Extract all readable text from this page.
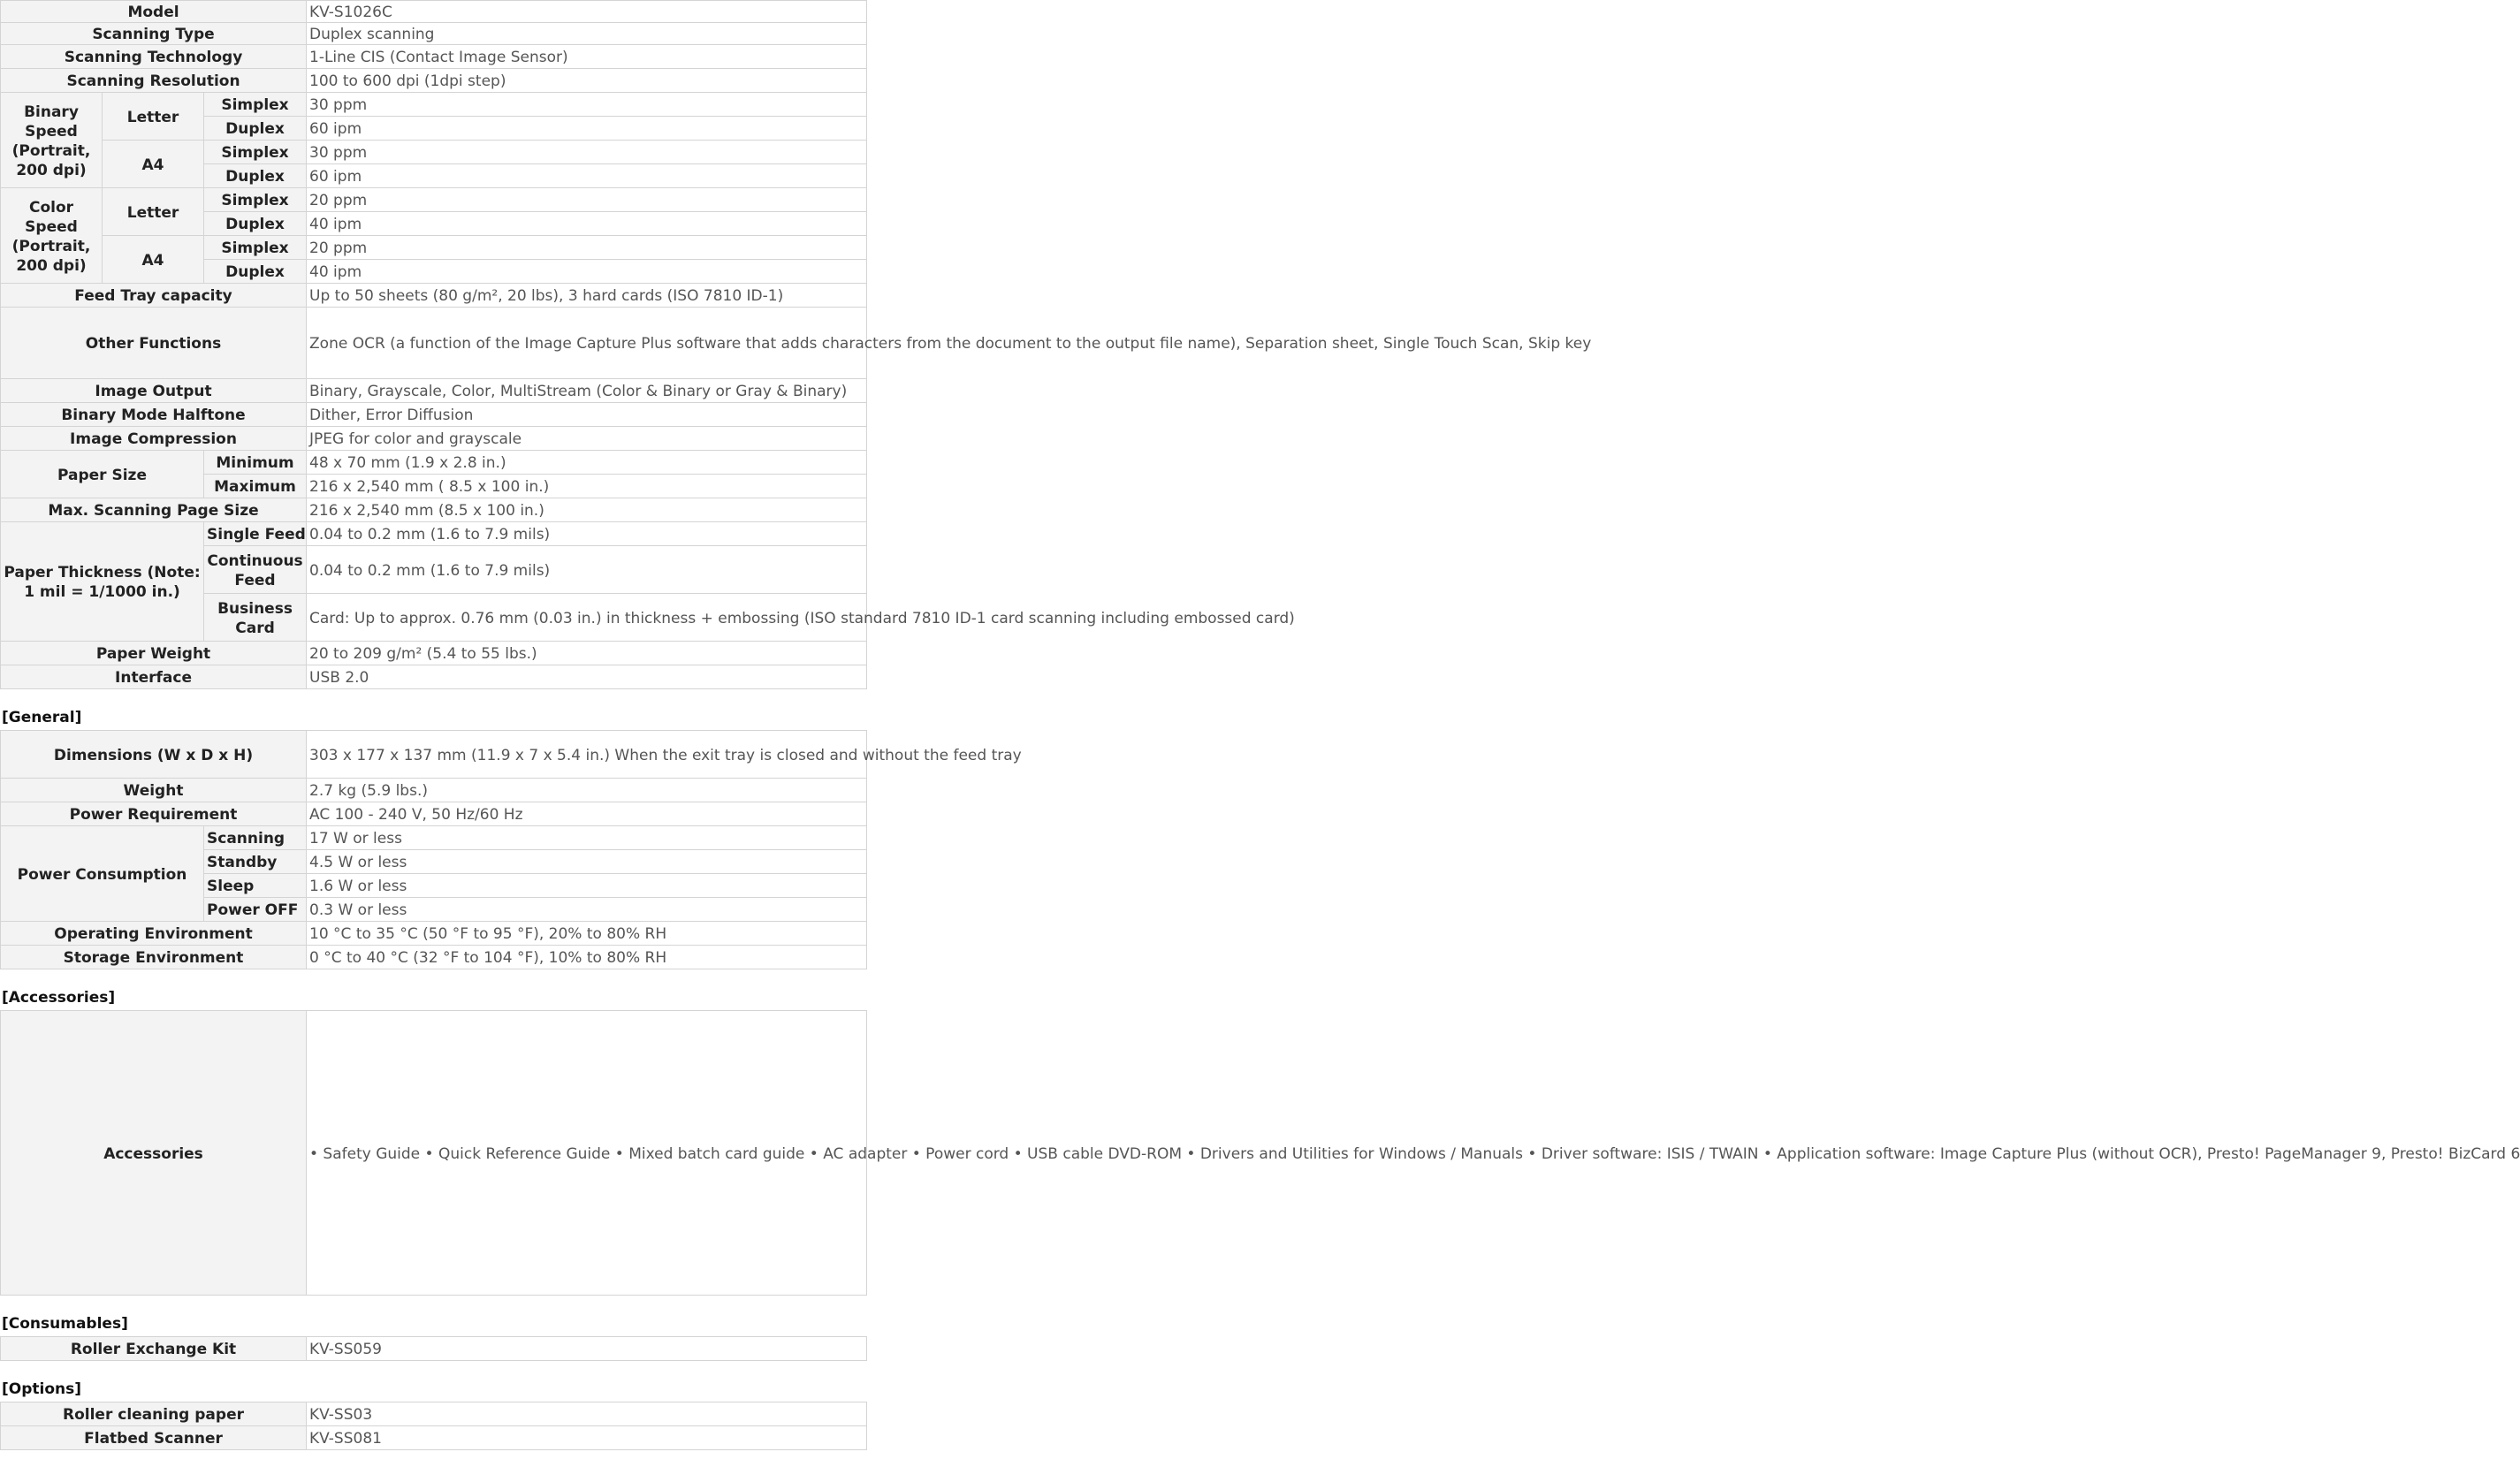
Model			KV-S1026C
Scanning Type			Duplex scanning
Scanning Technology			1-Line CIS (Contact Image Sensor)
Scanning Resolution			100 to 600 dpi (1dpi step)
Binary Speed (Portrait, 200 dpi)	Letter	Simplex	30 ppm
		Duplex	60 ipm
	A4	Simplex	30 ppm
		Duplex	60 ipm
Color Speed (Portrait, 200 dpi)	Letter	Simplex	20 ppm
		Duplex	40 ipm
	A4	Simplex	20 ppm
		Duplex	40 ipm
Feed Tray capacity			Up to 50 sheets (80 g/m², 20 lbs), 3 hard cards (ISO 7810 ID-1)
Other Functions			Zone OCR (a function of the Image Capture Plus software that adds characters from the document to the output file name), Separation sheet, Single Touch Scan, Skip key
Image Output			Binary, Grayscale, Color, MultiStream (Color & Binary or Gray & Binary)
Binary Mode Halftone			Dither, Error Diffusion
Image Compression			JPEG for color and grayscale
Paper Size		Minimum	48 x 70 mm (1.9 x 2.8 in.)
		Maximum	216 x 2,540 mm ( 8.5 x 100 in.)
Max. Scanning Page Size			216 x 2,540 mm (8.5 x 100 in.)
Paper Thickness (Note: 1 mil = 1/1000 in.)		Single Feed	0.04 to 0.2 mm (1.6 to 7.9 mils)
		Continuous Feed	0.04 to 0.2 mm (1.6 to 7.9 mils)
		Business Card	Card: Up to approx. 0.76 mm (0.03 in.) in thickness + embossing (ISO standard 7810 ID-1 card scanning including embossed card)
Paper Weight			20 to 209 g/m² (5.4 to 55 lbs.)
Interface			USB 2.0
[General]
Dimensions (W x D x H)		303 x 177 x 137 mm (11.9 x 7 x 5.4 in.) When the exit tray is closed and without the feed tray
Weight		2.7 kg (5.9 lbs.)
Power Requirement		AC 100 - 240 V, 50 Hz/60 Hz
Power Consumption	Scanning	17 W or less
	Standby	4.5 W or less
	Sleep	1.6 W or less
	Power OFF	0.3 W or less
Operating Environment		10 °C to 35 °C (50 °F to 95 °F), 20% to 80% RH
Storage Environment		0 °C to 40 °C (32 °F to 104 °F), 10% to 80% RH
[Accessories]
Accessories	• Safety Guide • Quick Reference Guide • Mixed batch card guide • AC adapter • Power cord • USB cable DVD-ROM • Drivers and Utilities for Windows / Manuals • Driver software: ISIS / TWAIN • Application software: Image Capture Plus (without OCR), Presto! PageManager 9, Presto! BizCard 6
[Consumables]
Roller Exchange Kit	KV-SS059
[Options]
Roller cleaning paper	KV-SS03
Flatbed Scanner	KV-SS081
